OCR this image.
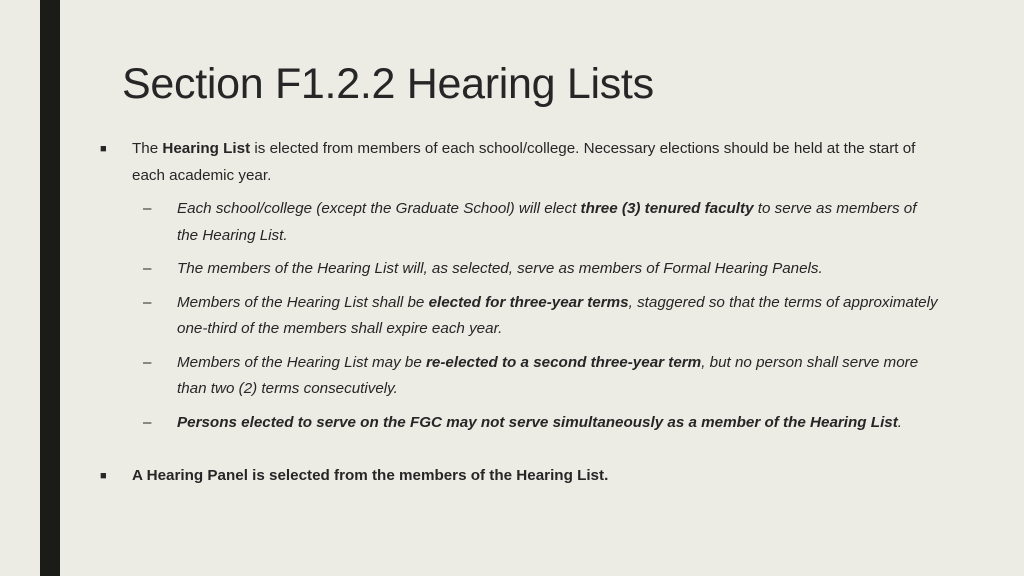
Section F1.2.2 Hearing Lists
■ The Hearing List is elected from members of each school/college. Necessary elections should be held at the start of each academic year.
– Each school/college (except the Graduate School) will elect three (3) tenured faculty to serve as members of the Hearing List.
– The members of the Hearing List will, as selected, serve as members of Formal Hearing Panels.
– Members of the Hearing List shall be elected for three-year terms, staggered so that the terms of approximately one-third of the members shall expire each year.
– Members of the Hearing List may be re-elected to a second three-year term, but no person shall serve more than two (2) terms consecutively.
– Persons elected to serve on the FGC may not serve simultaneously as a member of the Hearing List.
■ A Hearing Panel is selected from the members of the Hearing List.
